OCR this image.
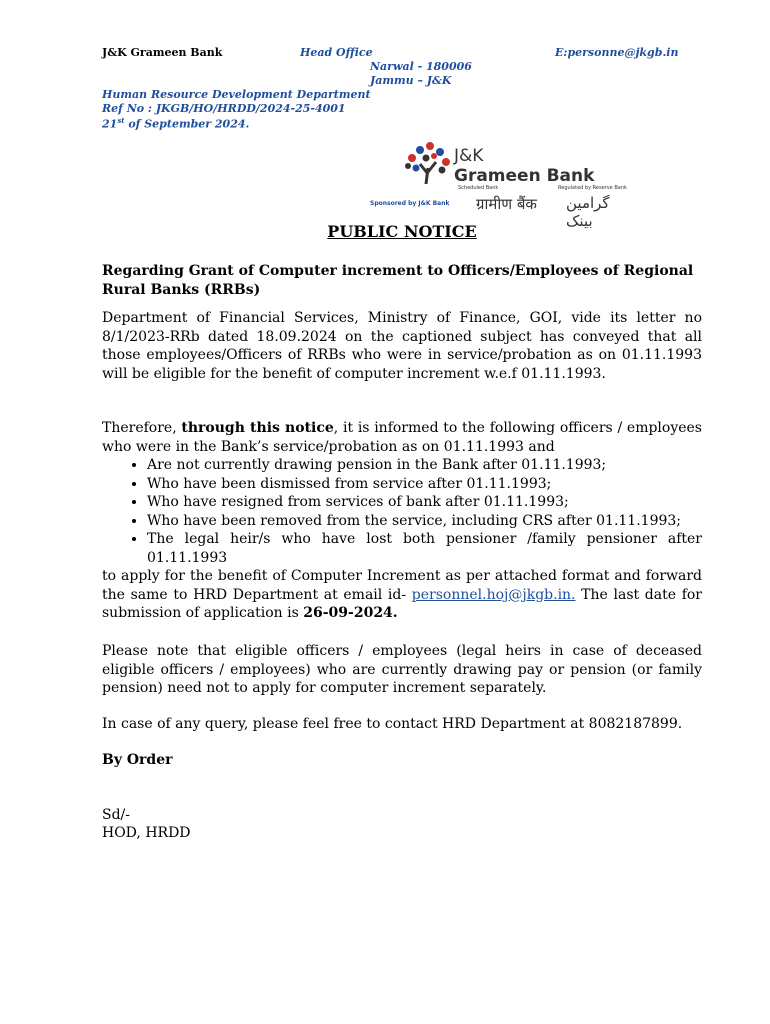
J&K Grameen Bank	Head Office
Narwal - 180006
Jammu – J&K
E:personne@jkgb.in
Human Resource Development Department
Ref No : JKGB/HO/HRDD/2024-25-4001
21st of September 2024.
J&K
Grameen Bank
Scheduled Bank	Regulated by Reserve Bank
Sponsored by J&K Bank ग्रामीण बैंक گرامین بینک
PUBLIC NOTICE
Regarding Grant of Computer increment to Officers/Employees of Regional Rural Banks (RRBs)
Department of Financial Services, Ministry of Finance, GOI, vide its letter no 8/1/2023-RRb dated 18.09.2024 on the captioned subject has conveyed that all those employees/Officers of RRBs who were in service/probation as on 01.11.1993 will be eligible for the benefit of computer increment w.e.f 01.11.1993.
Therefore, through this notice, it is informed to the following officers / employees who were in the Bank’s service/probation as on 01.11.1993 and
• Are not currently drawing pension in the Bank after 01.11.1993;
• Who have been dismissed from service after 01.11.1993;
• Who have resigned from services of bank after 01.11.1993;
• Who have been removed from the service, including CRS after 01.11.1993;
• The legal heir/s who have lost both pensioner /family pensioner after 01.11.1993
to apply for the benefit of Computer Increment as per attached format and forward the same to HRD Department at email id- personnel.hoj@jkgb.in. The last date for submission of application is 26-09-2024.
Please note that eligible officers / employees (legal heirs in case of deceased eligible officers / employees) who are currently drawing pay or pension (or family pension) need not to apply for computer increment separately.
In case of any query, please feel free to contact HRD Department at 8082187899.
By Order
Sd/-
HOD, HRDD
